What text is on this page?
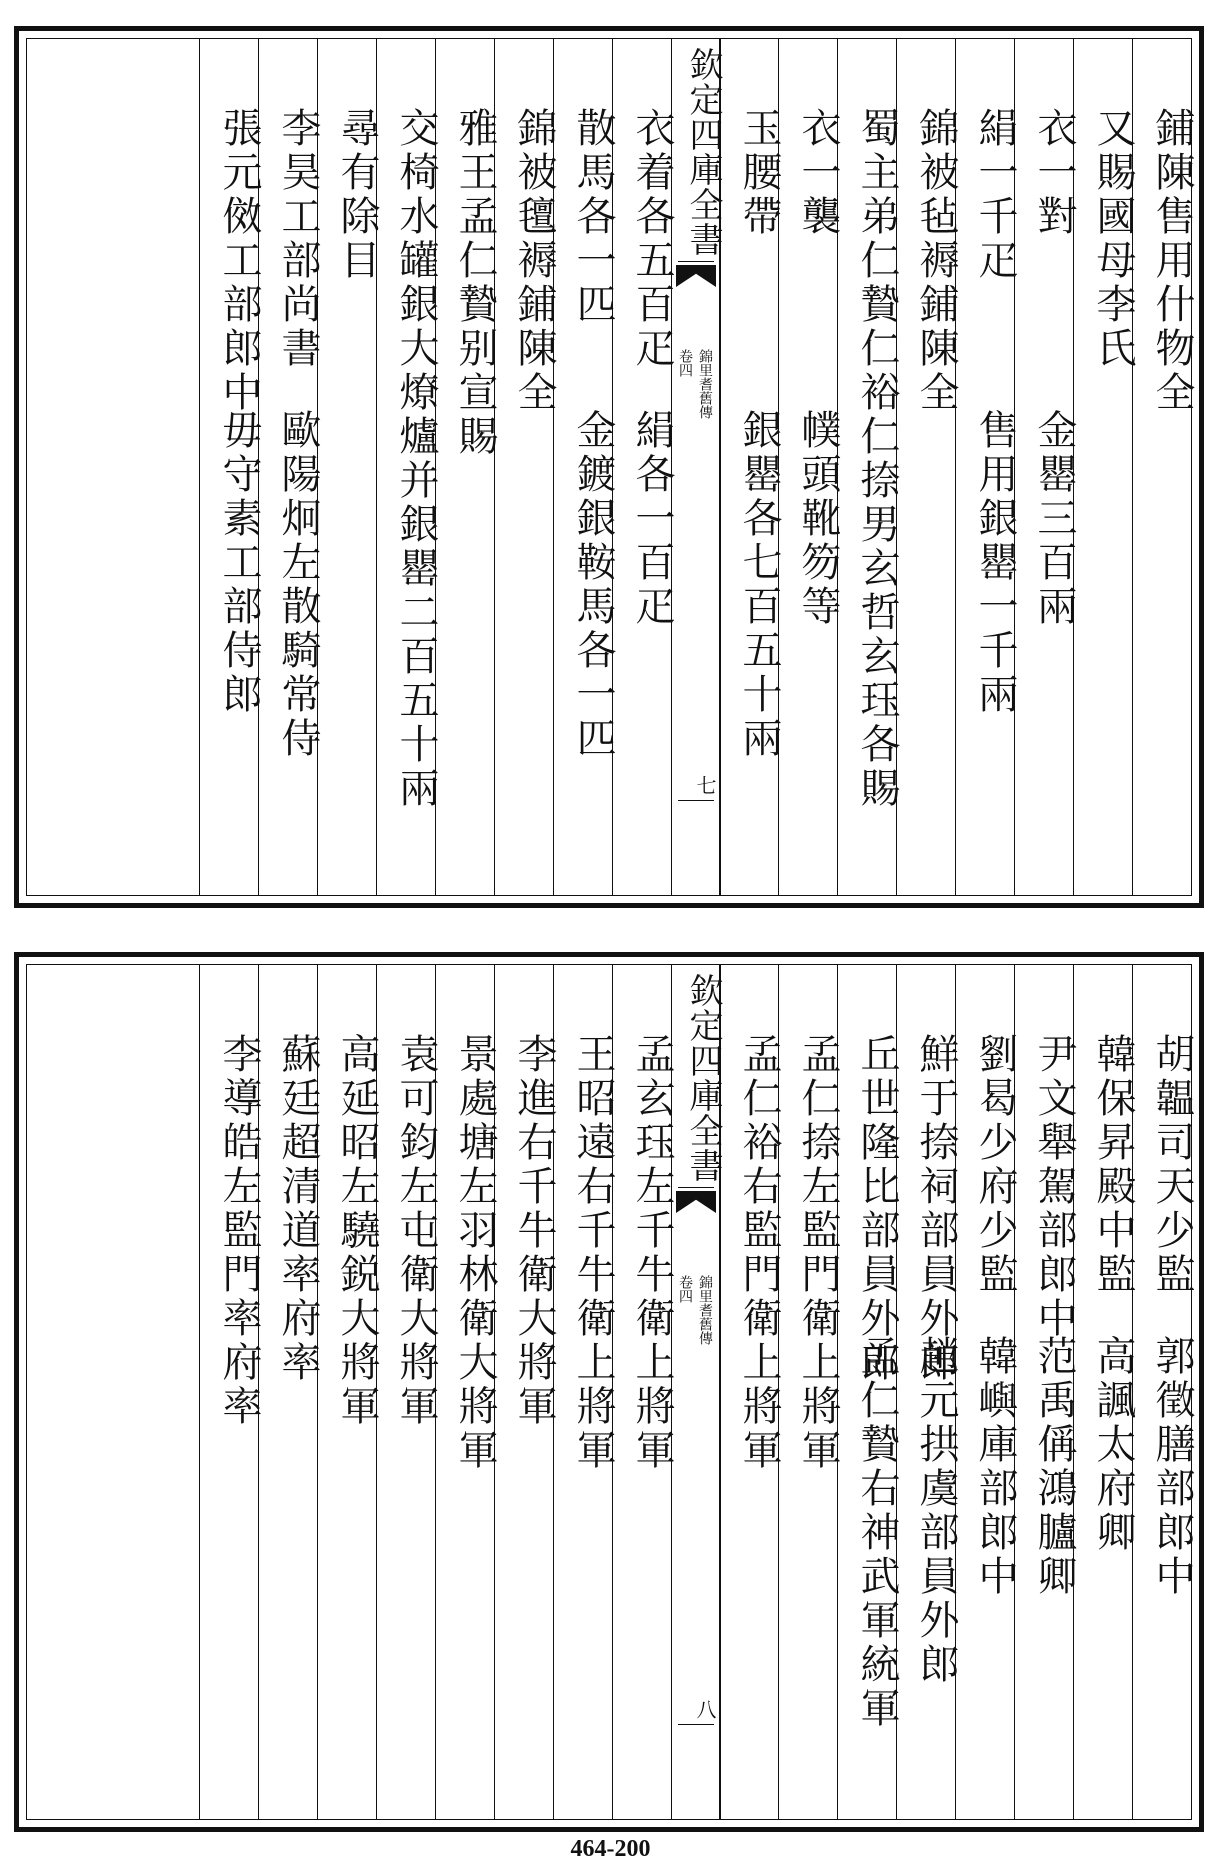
鋪陳售用什物全
又賜國母李氏
衣一對
金罌三百兩
絹一千疋
售用銀罌一千兩
錦被毡褥鋪陳全
蜀主弟仁贄仁裕仁捺男玄哲玄珏各賜
衣一襲
幞頭靴笏等
玉腰帶
銀罌各七百五十兩
欽定四庫全書
錦里耆舊傳
卷四
七
衣着各五百疋
絹各一百疋
散馬各一匹
金鍍銀鞍馬各一匹
錦被氊褥鋪陳全
雅王孟仁贄别宣賜
交椅水罐銀大燎爐并銀罌二百五十兩
尋有除目
李昊工部尚書
歐陽炯左散騎常侍
張元傚工部郎中
毋守素工部侍郎
胡韞司天少監
郭徵膳部郎中
韓保昇殿中監
高諷太府卿
尹文舉駕部郎中
范禹偁鴻臚卿
劉曷少府少監
韓嶼庫部郎中
鮮于捺祠部員外郎
趙元拱虞部員外郎
丘世隆比部員外郎
孟仁贄右神武軍統軍
孟仁捺左監門衛上將軍
孟仁裕右監門衛上將軍
欽定四庫全書
錦里耆舊傳
卷四
八
孟玄珏左千牛衛上將軍
王昭遠右千牛衛上將軍
李進右千牛衛大將軍
景處塘左羽林衛大將軍
袁可鈞左屯衛大將軍
高延昭左驍鋭大將軍
蘇廷超清道率府率
李導皓左監門率府率
464-200
